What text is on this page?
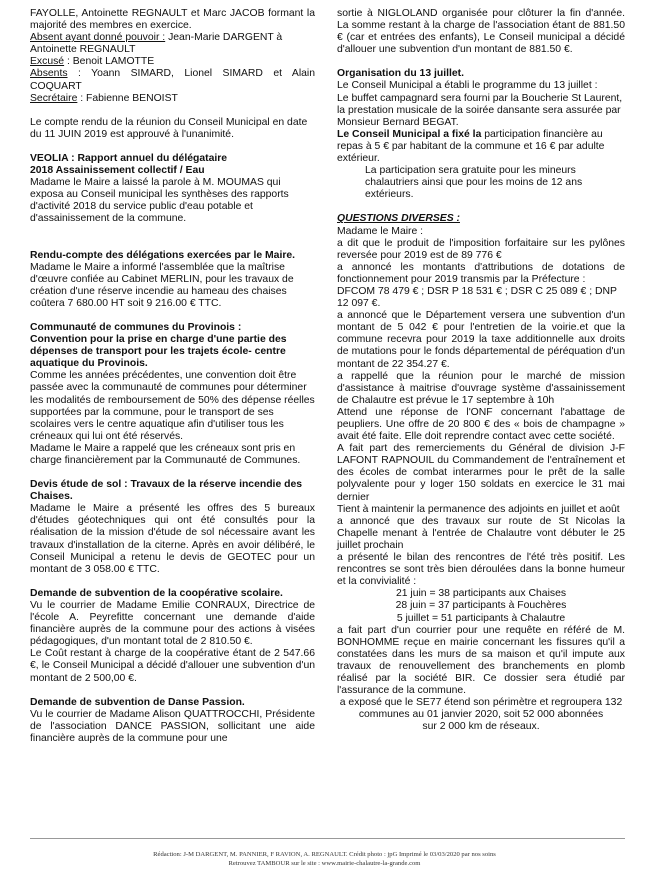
FAYOLLE, Antoinette REGNAULT et Marc JACOB formant la majorité des membres en exercice.

Absent ayant donné pouvoir : Jean-Marie DARGENT à Antoinette REGNAULT

Excusé : Benoit LAMOTTE

Absents : Yoann SIMARD, Lionel SIMARD et Alain COQUART

Secrétaire : Fabienne BENOIST

Le compte rendu de la réunion du Conseil Municipal en date du 11 JUIN 2019 est approuvé à l'unanimité.

VEOLIA : Rapport annuel du délégataire

2018 Assainissement collectif / Eau

Madame le Maire a laissé la parole à M. MOUMAS qui exposa au Conseil municipal les synthèses des rapports d'activité 2018 du service public d'eau potable et d'assainissement de la commune.

Rendu-compte des délégations exercées par le Maire.

Madame le Maire a informé l'assemblée que la maîtrise d'œuvre confiée au Cabinet MERLIN, pour les travaux de création d'une réserve incendie au hameau des chaises coûtera 7 680.00 HT soit 9 216.00 € TTC.

Communauté de communes du Provinois :

Convention pour la prise en charge d'une partie des dépenses de transport pour les trajets école- centre aquatique du Provinois.

Comme les années précédentes, une convention doit être passée avec la communauté de communes pour déterminer les modalités de remboursement de 50% des dépense réelles supportées par la commune, pour le transport de ses scolaires vers le centre aquatique afin d'utiliser tous les créneaux qui lui ont été réservés.

Madame le Maire a rappelé que les créneaux sont pris en charge financièrement par la Communauté de Communes.

Devis étude de sol : Travaux de la réserve incendie des Chaises.

Madame le Maire a présenté les offres des 5 bureaux d'études géotechniques qui ont été consultés pour la réalisation de la mission d'étude de sol nécessaire avant les travaux d'installation de la citerne. Après en avoir délibéré, le Conseil Municipal a retenu le devis de GEOTEC pour un montant de 3 058.00 € TTC.

Demande de subvention de la coopérative scolaire.

Vu le courrier de Madame Emilie CONRAUX, Directrice de l'école A. Peyrefitte concernant une demande d'aide financière auprès de la commune pour des actions à visées pédagogiques, d'un montant total de 2 810.50 €.

Le Coût restant à charge de la coopérative étant de 2 547.66 €, le Conseil Municipal a décidé d'allouer une subvention d'un montant de 2 500,00 €.

Demande de subvention de Danse Passion.

Vu le courrier de Madame Alison QUATTROCCHI, Présidente de l'association DANCE PASSION, sollicitant une aide financière auprès de la commune pour une

sortie à NIGLOLAND organisée pour clôturer la fin d'année. La somme restant à la charge de l'association étant de 881.50 € (car et entrées des enfants), Le Conseil municipal a décidé d'allouer une subvention d'un montant de 881.50 €.

Organisation du 13 juillet.

Le Conseil Municipal a établi le programme du 13 juillet :

Le buffet campagnard sera fourni par la Boucherie St Laurent, la prestation musicale de la soirée dansante sera assurée par Monsieur Bernard BEGAT.

Le Conseil Municipal a fixé la participation financière au repas à 5 € par habitant de la commune et 16 € par adulte extérieur.

La participation sera gratuite pour les mineurs chalautriers ainsi que pour les moins de 12 ans extérieurs.

QUESTIONS DIVERSES :

Madame le Maire :

a dit que le produit de l'imposition forfaitaire sur les pylônes reversée pour 2019 est de 89 776 €

a annoncé les montants d'attributions de dotations de fonctionnement pour 2019 transmis par la Préfecture :

DFCOM 78 479 € ; DSR P 18 531 € ; DSR C 25 089 € ; DNP 12 097 €.

a annoncé que le Département versera une subvention d'un montant de 5 042 € pour l'entretien de la voirie.et que la commune recevra pour 2019 la taxe additionnelle aux droits de mutations pour le fonds départemental de péréquation d'un montant de 22 354.27 €.

a rappellé que la réunion pour le marché de mission d'assistance à maitrise d'ouvrage système d'assainissement de Chalautre est prévue le 17 septembre à 10h

Attend une réponse de l'ONF concernant l'abattage de peupliers. Une offre de 20 800 € des « bois de champagne » avait été faite. Elle doit reprendre contact avec cette société.

A fait part des remerciements du Général de division J-F LAFONT RAPNOUIL du Commandement de l'entraînement et des écoles de combat interarmes pour le prêt de la salle polyvalente pour y loger 150 soldats en exercice le 31 mai dernier

Tient à maintenir la permanence des adjoints en juillet et août

a annoncé que des travaux sur route de St Nicolas la Chapelle menant à l'entrée de Chalautre vont débuter le 25 juillet prochain

a présenté le bilan des rencontres de l'été très positif. Les rencontres se sont très bien déroulées dans la bonne humeur et la convivialité :

21 juin = 38 participants aux Chaises

28 juin = 37 participants à Fouchères

5 juillet = 51 participants à Chalautre

a fait part d'un courrier pour une requête en référé de M. BONHOMME reçue en mairie concernant les fissures qu'il a constatées dans les murs de sa maison et qu'il impute aux travaux de renouvellement des branchements en plomb réalisé par la société BIR. Ce dossier sera étudié par l'assurance de la commune.

a exposé que le SE77 étend son périmètre et regroupera 132 communes au 01 janvier 2020, soit 52 000 abonnées

sur 2 000 km de réseaux.

Rédaction: J-M DARGENT, M. PANNIER, F RAVION, A. REGNAULT. Crédit photo : jpG Imprimé le 03/03/2020 par nos soins
Retrouvez TAMBOUR sur le site : www.mairie-chalautre-la-grande.com
